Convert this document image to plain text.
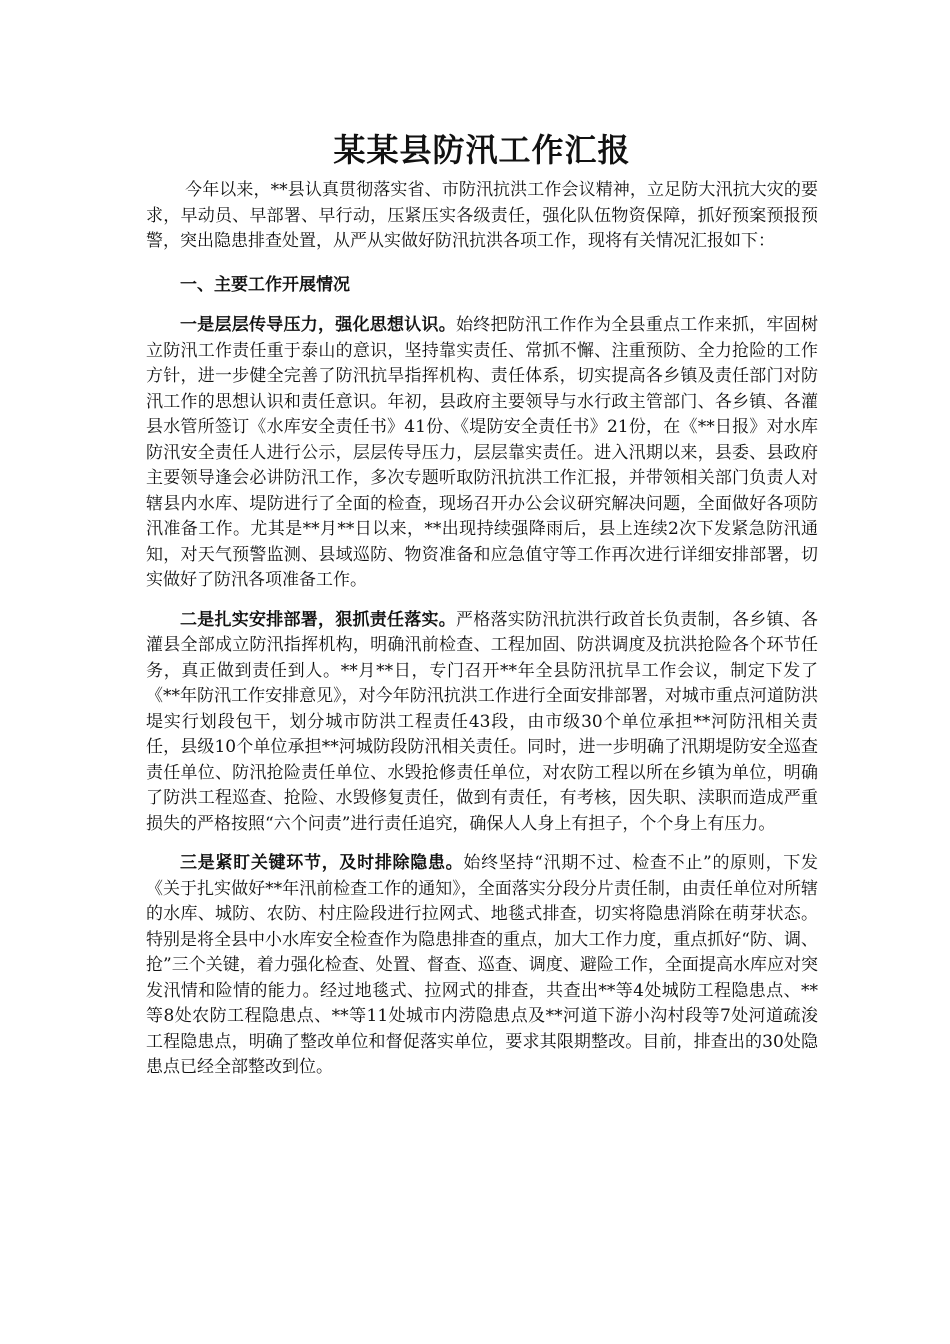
某某县防汛工作汇报

今年以来，**县认真贯彻落实省、市防汛抗洪工作会议精神，立足防大汛抗大灾的要求，早动员、早部署、早行动，压紧压实各级责任，强化队伍物资保障，抓好预案预报预警，突出隐患排查处置，从严从实做好防汛抗洪各项工作，现将有关情况汇报如下：

一、主要工作开展情况

一是层层传导压力，强化思想认识。始终把防汛工作作为全县重点工作来抓，牢固树立防汛工作责任重于泰山的意识，坚持靠实责任、常抓不懈、注重预防、全力抢险的工作方针，进一步健全完善了防汛抗旱指挥机构、责任体系，切实提高各乡镇及责任部门对防汛工作的思想认识和责任意识。年初，县政府主要领导与水行政主管部门、各乡镇、各灌县水管所签订《水库安全责任书》41份、《堤防安全责任书》21份，在《**日报》对水库防汛安全责任人进行公示，层层传导压力，层层靠实责任。进入汛期以来，县委、县政府主要领导逢会必讲防汛工作，多次专题听取防汛抗洪工作汇报，并带领相关部门负责人对辖县内水库、堤防进行了全面的检查，现场召开办公会议研究解决问题，全面做好各项防汛准备工作。尤其是**月**日以来，**出现持续强降雨后，县上连续2次下发紧急防汛通知，对天气预警监测、县域巡防、物资准备和应急值守等工作再次进行详细安排部署，切实做好了防汛各项准备工作。

二是扎实安排部署，狠抓责任落实。严格落实防汛抗洪行政首长负责制，各乡镇、各灌县全部成立防汛指挥机构，明确汛前检查、工程加固、防洪调度及抗洪抢险各个环节任务，真正做到责任到人。**月**日，专门召开**年全县防汛抗旱工作会议，制定下发了《**年防汛工作安排意见》，对今年防汛抗洪工作进行全面安排部署，对城市重点河道防洪堤实行划段包干，划分城市防洪工程责任43段，由市级30个单位承担**河防汛相关责任，县级10个单位承担**河城防段防汛相关责任。同时，进一步明确了汛期堤防安全巡查责任单位、防汛抢险责任单位、水毁抢修责任单位，对农防工程以所在乡镇为单位，明确了防洪工程巡查、抢险、水毁修复责任，做到有责任，有考核，因失职、渎职而造成严重损失的严格按照“六个问责”进行责任追究，确保人人身上有担子，个个身上有压力。

三是紧盯关键环节，及时排除隐患。始终坚持“汛期不过、检查不止”的原则，下发《关于扎实做好**年汛前检查工作的通知》，全面落实分段分片责任制，由责任单位对所辖的水库、城防、农防、村庄险段进行拉网式、地毯式排查，切实将隐患消除在萌芽状态。特别是将全县中小水库安全检查作为隐患排查的重点，加大工作力度，重点抓好“防、调、抢”三个关键，着力强化检查、处置、督查、巡查、调度、避险工作，全面提高水库应对突发汛情和险情的能力。经过地毯式、拉网式的排查，共查出**等4处城防工程隐患点、**等8处农防工程隐患点、**等11处城市内涝隐患点及**河道下游小沟村段等7处河道疏浚工程隐患点，明确了整改单位和督促落实单位，要求其限期整改。目前，排查出的30处隐患点已经全部整改到位。
